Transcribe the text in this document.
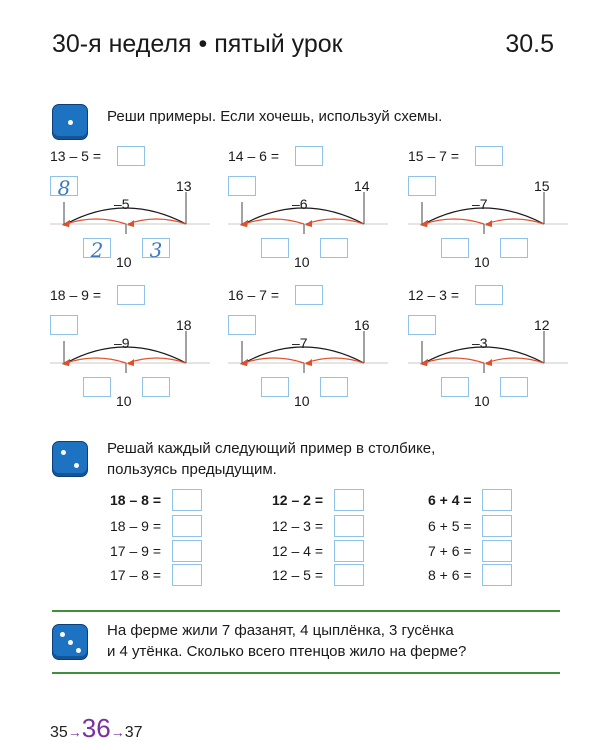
30-я неделя • пятый урок	30.5
Реши примеры. Если хочешь, используй схемы.
13 – 5 =
–5
13
10
8
2	3
14 – 6 =
–6
14
10
15 – 7 =
–7
15
10
18 – 9 =
–9
18
10
16 – 7 =
–7
16
10
12 – 3 =
–3
12
10
Решай каждый следующий пример в столбике,
пользуясь предыдущим.
18 – 8 =
18 – 9 =
17 – 9 =
17 – 8 =
12 – 2 =
12 – 3 =
12 – 4 =
12 – 5 =
6 + 4 =
6 + 5 =
7 + 6 =
8 + 6 =
На ферме жили 7 фазанят, 4 цыплёнка, 3 гусёнка
и 4 утёнка. Сколько всего птенцов жило на ферме?
35→36→37
